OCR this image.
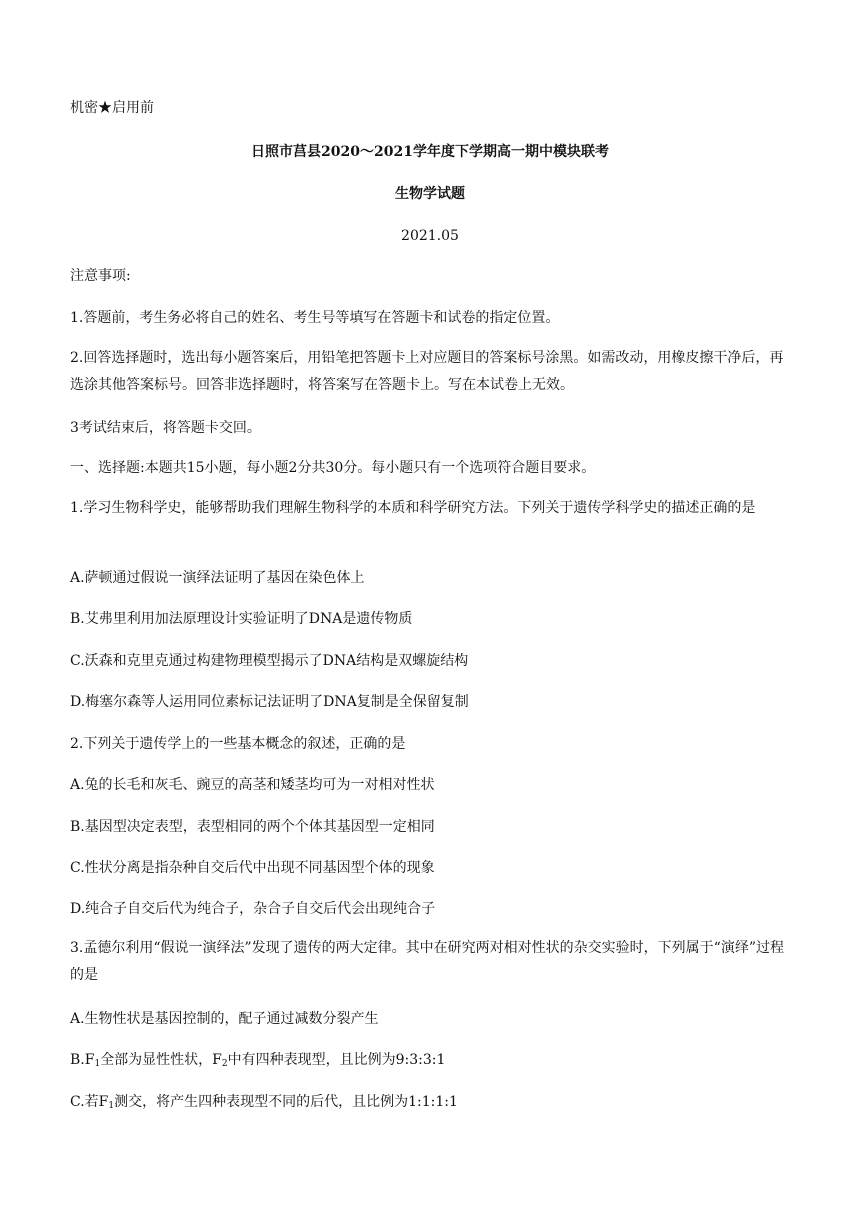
机密★启用前
日照市莒县2020～2021学年度下学期高一期中模块联考
生物学试题
2021.05
注意事项:
1.答题前，考生务必将自己的姓名、考生号等填写在答题卡和试卷的指定位置。
2.回答选择题时，选出每小题答案后，用铅笔把答题卡上对应题目的答案标号涂黑。如需改动，用橡皮擦干净后，再选涂其他答案标号。回答非选择题时，将答案写在答题卡上。写在本试卷上无效。
3考试结束后，将答题卡交回。
一、选择题:本题共15小题，每小题2分共30分。每小题只有一个选项符合题目要求。
1.学习生物科学史，能够帮助我们理解生物科学的本质和科学研究方法。下列关于遗传学科学史的描述正确的是
A.萨顿通过假说一演绎法证明了基因在染色体上
B.艾弗里利用加法原理设计实验证明了DNA是遗传物质
C.沃森和克里克通过构建物理模型揭示了DNA结构是双螺旋结构
D.梅塞尔森等人运用同位素标记法证明了DNA复制是全保留复制
2.下列关于遗传学上的一些基本概念的叙述，正确的是
A.兔的长毛和灰毛、豌豆的高茎和矮茎均可为一对相对性状
B.基因型决定表型，表型相同的两个个体其基因型一定相同
C.性状分离是指杂种自交后代中出现不同基因型个体的现象
D.纯合子自交后代为纯合子，杂合子自交后代会出现纯合子
3.孟德尔利用“假说一演绎法”发现了遗传的两大定律。其中在研究两对相对性状的杂交实验时，下列属于“演绎”过程的是
A.生物性状是基因控制的，配子通过减数分裂产生
$B.F_1$全部为显性性状，$F_2$中有四种表现型，且比例为9:3:3:1
C.若$F_1$测交，将产生四种表现型不同的后代，且比例为1:1:1:1
